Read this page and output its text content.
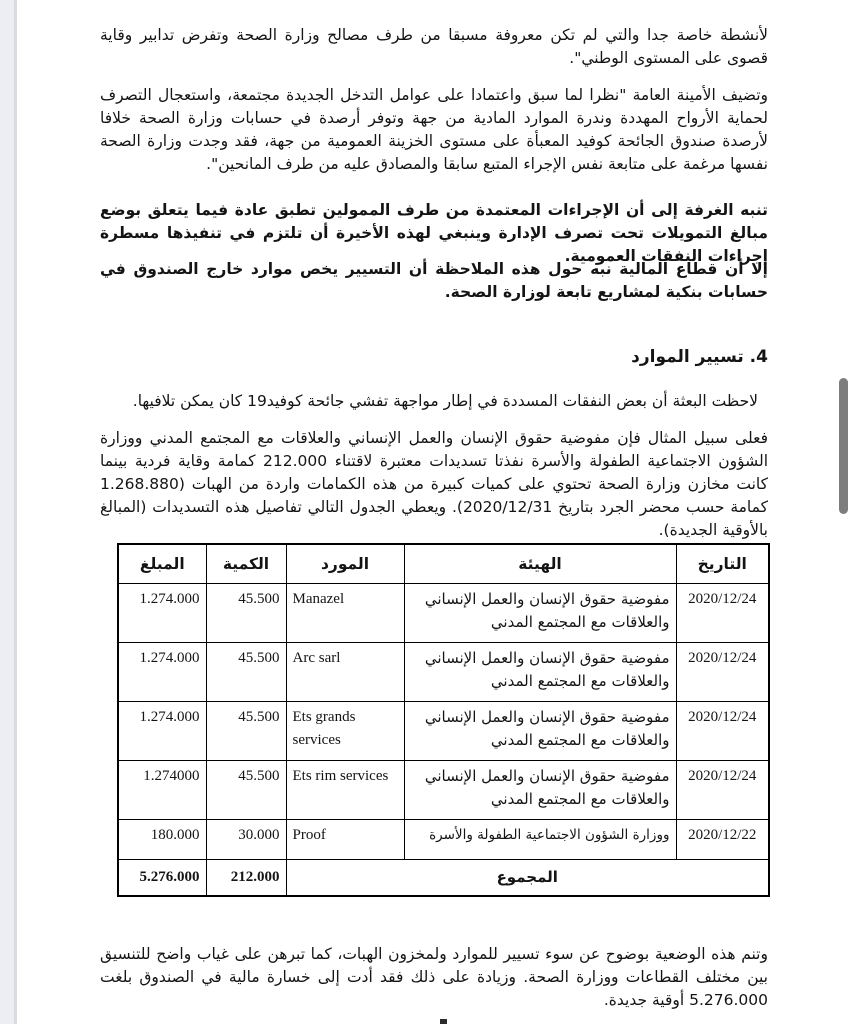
لأنشطة خاصة جدا والتي لم تكن معروفة مسبقا من طرف مصالح وزارة الصحة وتفرض تدابير وقاية قصوى على المستوى الوطني".

وتضيف الأمينة العامة "نظرا لما سبق واعتمادا على عوامل التدخل الجديدة مجتمعة، واستعجال التصرف لحماية الأرواح المهددة وندرة الموارد المادية من جهة وتوفر أرصدة في حسابات وزارة الصحة خلافا لأرصدة صندوق الجائحة كوفيد المعبأة على مستوى الخزينة العمومية من جهة، فقد وجدت وزارة الصحة نفسها مرغمة على متابعة نفس الإجراء المتبع سابقا والمصادق عليه من طرف المانحين".

تنبه الغرفة إلى أن الإجراءات المعتمدة من طرف الممولين تطبق عادة فيما يتعلق بوضع مبالغ التمويلات تحت تصرف الإدارة وينبغي لهذه الأخيرة أن تلتزم في تنفيذها مسطرة إجراءات النفقات العمومية.

إلا أن قطاع المالية نبه حول هذه الملاحظة أن التسيير يخص موارد خارج الصندوق في حسابات بنكية لمشاريع تابعة لوزارة الصحة.

4. تسيير الموارد

لاحظت البعثة أن بعض النفقات المسددة في إطار مواجهة تفشي جائحة كوفيد19 كان يمكن تلافيها.

فعلى سبيل المثال فإن مفوضية حقوق الإنسان والعمل الإنساني والعلاقات مع المجتمع المدني ووزارة الشؤون الاجتماعية الطفولة والأسرة نفذتا تسديدات معتبرة لاقتناء 212.000 كمامة وقاية فردية بينما كانت مخازن وزارة الصحة تحتوي على كميات كبيرة من هذه الكمامات واردة من الهبات (1.268.880 كمامة حسب محضر الجرد بتاريخ 2020/12/31). ويعطي الجدول التالي تفاصيل هذه التسديدات (المبالغ بالأوقية الجديدة).

التاريخ	الهيئة	المورد	الكمية	المبلغ
2020/12/24	مفوضية حقوق الإنسان والعمل الإنساني والعلاقات مع المجتمع المدني	Manazel	45.500	1.274.000
2020/12/24	مفوضية حقوق الإنسان والعمل الإنساني والعلاقات مع المجتمع المدني	Arc sarl	45.500	1.274.000
2020/12/24	مفوضية حقوق الإنسان والعمل الإنساني والعلاقات مع المجتمع المدني	Ets grands services	45.500	1.274.000
2020/12/24	مفوضية حقوق الإنسان والعمل الإنساني والعلاقات مع المجتمع المدني	Ets rim services	45.500	1.274000
2020/12/22	ووزارة الشؤون الاجتماعية الطفولة والأسرة	Proof	30.000	180.000
المجموع			212.000	5.276.000

وتنم هذه الوضعية بوضوح عن سوء تسيير للموارد ولمخزون الهبات، كما تبرهن على غياب واضح للتنسيق بين مختلف القطاعات ووزارة الصحة. وزيادة على ذلك فقد أدت إلى خسارة مالية في الصندوق بلغت 5.276.000 أوقية جديدة.
